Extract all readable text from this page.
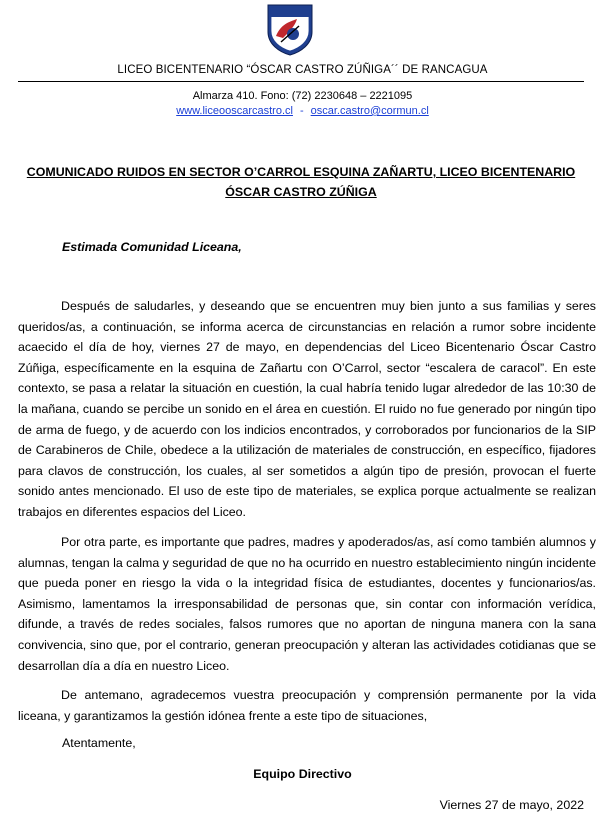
LICEO BICENTENARIO “ÓSCAR CASTRO ZÚÑIGA´´ DE RANCAGUA
Almarza 410. Fono: (72) 2230648 – 2221095
www.liceooscarcastro.cl - oscar.castro@cormun.cl
COMUNICADO RUIDOS EN SECTOR O’CARROL ESQUINA ZAÑARTU, LICEO BICENTENARIO ÓSCAR CASTRO ZÚÑIGA
Estimada Comunidad Liceana,

Después de saludarles, y deseando que se encuentren muy bien junto a sus familias y seres queridos/as, a continuación, se informa acerca de circunstancias en relación a rumor sobre incidente acaecido el día de hoy, viernes 27 de mayo, en dependencias del Liceo Bicentenario Óscar Castro Zúñiga, específicamente en la esquina de Zañartu con O’Carrol, sector “escalera de caracol”. En este contexto, se pasa a relatar la situación en cuestión, la cual habría tenido lugar alrededor de las 10:30 de la mañana, cuando se percibe un sonido en el área en cuestión. El ruido no fue generado por ningún tipo de arma de fuego, y de acuerdo con los indicios encontrados, y corroborados por funcionarios de la SIP de Carabineros de Chile, obedece a la utilización de materiales de construcción, en específico, fijadores para clavos de construcción, los cuales, al ser sometidos a algún tipo de presión, provocan el fuerte sonido antes mencionado. El uso de este tipo de materiales, se explica porque actualmente se realizan trabajos en diferentes espacios del Liceo.

Por otra parte, es importante que padres, madres y apoderados/as, así como también alumnos y alumnas, tengan la calma y seguridad de que no ha ocurrido en nuestro establecimiento ningún incidente que pueda poner en riesgo la vida o la integridad física de estudiantes, docentes y funcionarios/as. Asimismo, lamentamos la irresponsabilidad de personas que, sin contar con información verídica, difunde, a través de redes sociales, falsos rumores que no aportan de ninguna manera con la sana convivencia, sino que, por el contrario, generan preocupación y alteran las actividades cotidianas que se desarrollan día a día en nuestro Liceo.

De antemano, agradecemos vuestra preocupación y comprensión permanente por la vida liceana, y garantizamos la gestión idónea frente a este tipo de situaciones,

Atentamente,
Equipo Directivo
Viernes 27 de mayo, 2022
